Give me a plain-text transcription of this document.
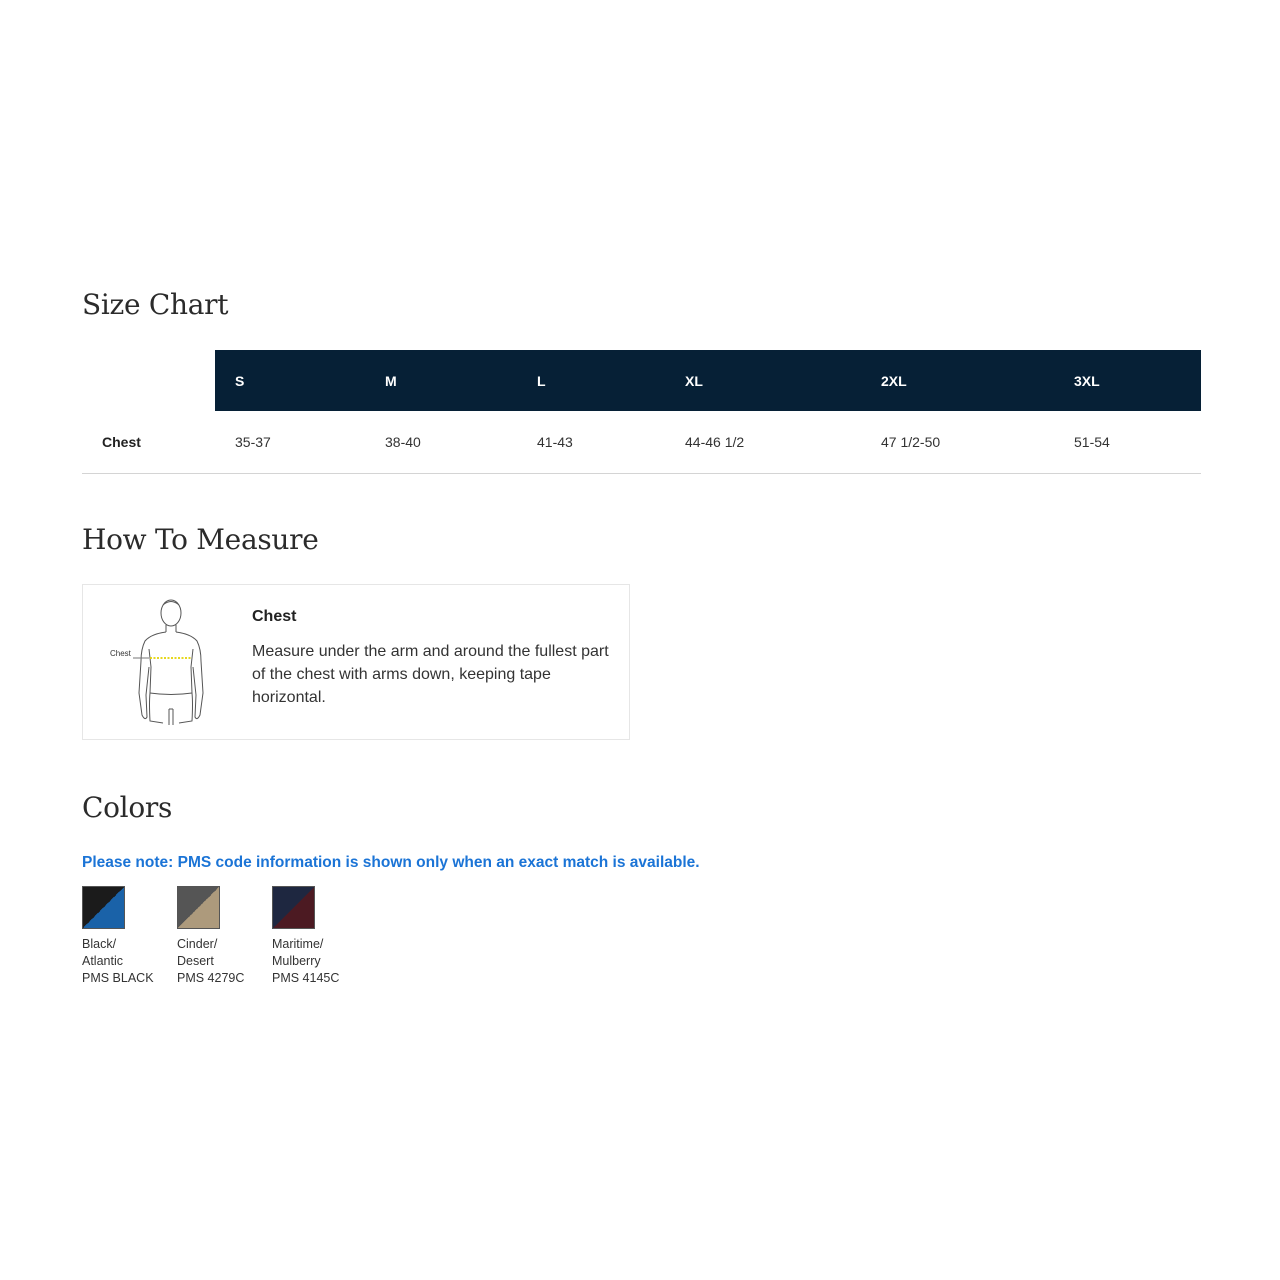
Size Chart
	S	M	L	XL	2XL	3XL
Chest	35-37	38-40	41-43	44-46 1/2	47 1/2-50	51-54
How To Measure
Chest
Chest
Measure under the arm and around the fullest part of the chest with arms down, keeping tape horizontal.
Colors
Please note: PMS code information is shown only when an exact match is available.
Black/
Atlantic
PMS BLACK
Cinder/
Desert
PMS 4279C
Maritime/
Mulberry
PMS 4145C
